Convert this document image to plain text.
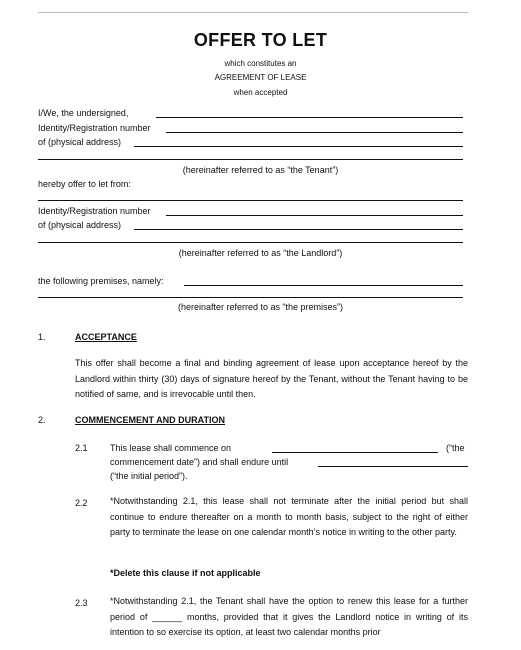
OFFER TO LET
which constitutes an
AGREEMENT OF LEASE
when accepted
I/We, the undersigned,
Identity/Registration number
of (physical address)
(hereinafter referred to as “the Tenant”)
hereby offer to let from:
Identity/Registration number
of (physical address)
(hereinafter referred to as “the Landlord”)
the following premises, namely:
(hereinafter referred to as “the premises”)
1.	ACCEPTANCE
This offer shall become a final and binding agreement of lease upon acceptance hereof by the Landlord within thirty (30) days of signature hereof by the Tenant, without the Tenant having to be notified of same, and is irrevocable until then.
2.	COMMENCEMENT AND DURATION
2.1 This lease shall commence on	(“the
commencement date”) and shall endure until
(“the initial period”).
2.2 *Notwithstanding 2.1, this lease shall not terminate after the initial period but shall continue to endure thereafter on a month to month basis, subject to the right of either party to terminate the lease on one calendar month’s notice in writing to the other party.
*Delete this clause if not applicable
2.3 *Notwithstanding 2.1, the Tenant shall have the option to renew this lease for a further period of ______ months, provided that it gives the Landlord notice in writing of its intention to so exercise its option, at least two calendar months prior
